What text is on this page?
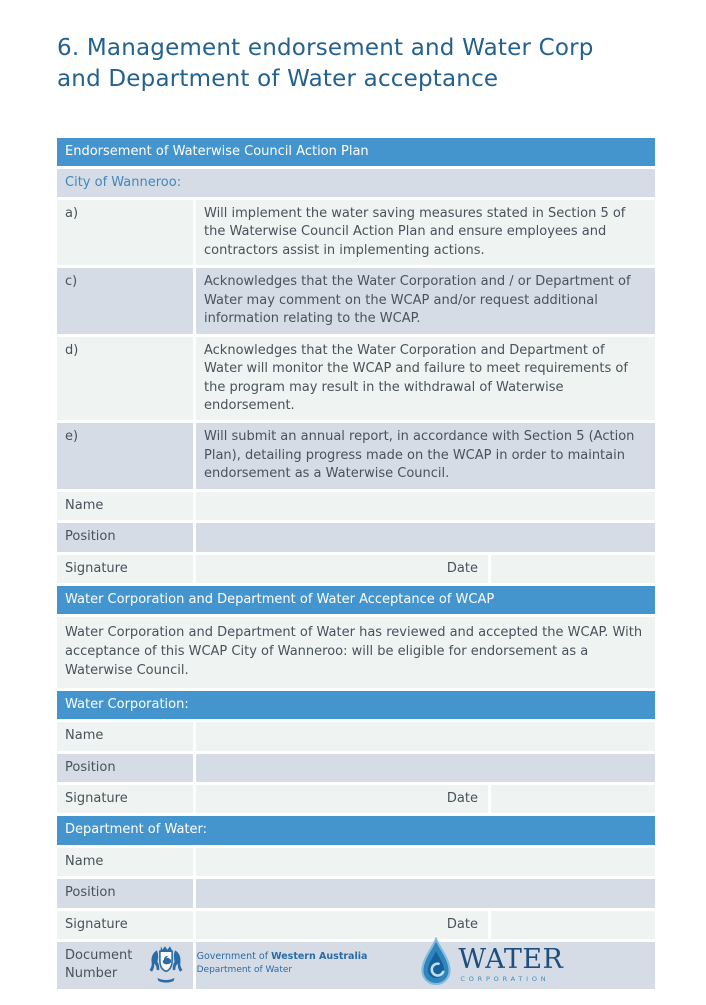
6. Management endorsement and Water Corp
and Department of Water acceptance
Endorsement of Waterwise Council Action Plan
City of Wanneroo:
a)	Will implement the water saving measures stated in Section 5 of the Waterwise Council Action Plan and ensure employees and contractors assist in implementing actions.
c)	Acknowledges that the Water Corporation and / or Department of Water may comment on the WCAP and/or request additional information relating to the WCAP.
d)	Acknowledges that the Water Corporation and Department of Water will monitor the WCAP and failure to meet requirements of the program may result in the withdrawal of Waterwise endorsement.
e)	Will submit an annual report, in accordance with Section 5 (Action Plan), detailing progress made on the WCAP in order to maintain endorsement as a Waterwise Council.
Name
Position
Signature	Date
Water Corporation and Department of Water Acceptance of WCAP
Water Corporation and Department of Water has reviewed and accepted the WCAP. With acceptance of this WCAP City of Wanneroo: will be eligible for endorsement as a Waterwise Council.
Water Corporation:
Name
Position
Signature	Date
Department of Water:
Name
Position
Signature	Date
Document Number
Government of Western Australia
Department of Water	WATER
CORPORATION
